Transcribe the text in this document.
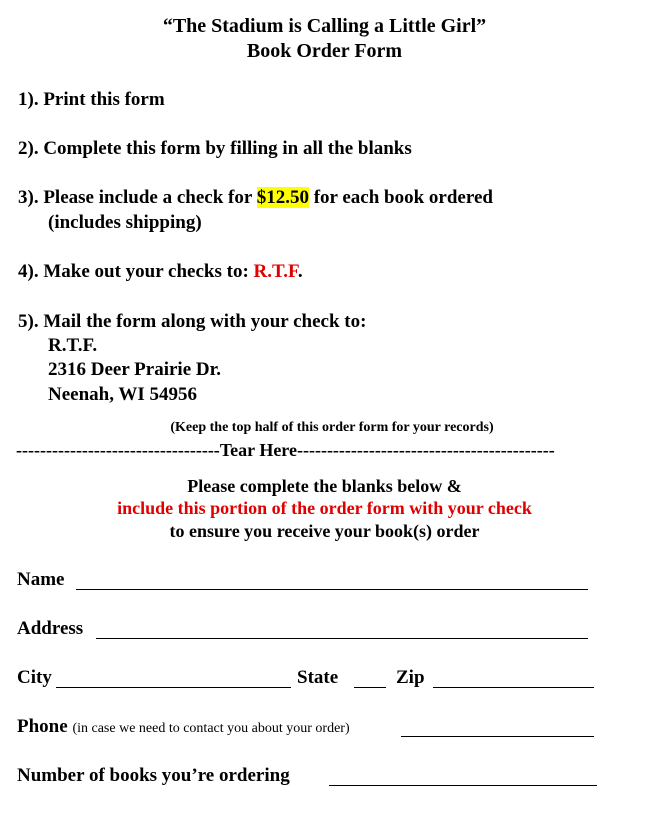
“The Stadium is Calling a Little Girl”
Book Order Form
1). Print this form
2). Complete this form by filling in all the blanks
3). Please include a check for $12.50 for each book ordered
(includes shipping)
4). Make out your checks to: R.T.F.
5). Mail the form along with your check to:
R.T.F.
2316 Deer Prairie Dr.
Neenah, WI 54956
(Keep the top half of this order form for your records)
----------------------------------Tear Here-------------------------------------------
Please complete the blanks below &
include this portion of the order form with your check
to ensure you receive your book(s) order
Name
Address
City	State	Zip
Phone (in case we need to contact you about your order)
Number of books you’re ordering
